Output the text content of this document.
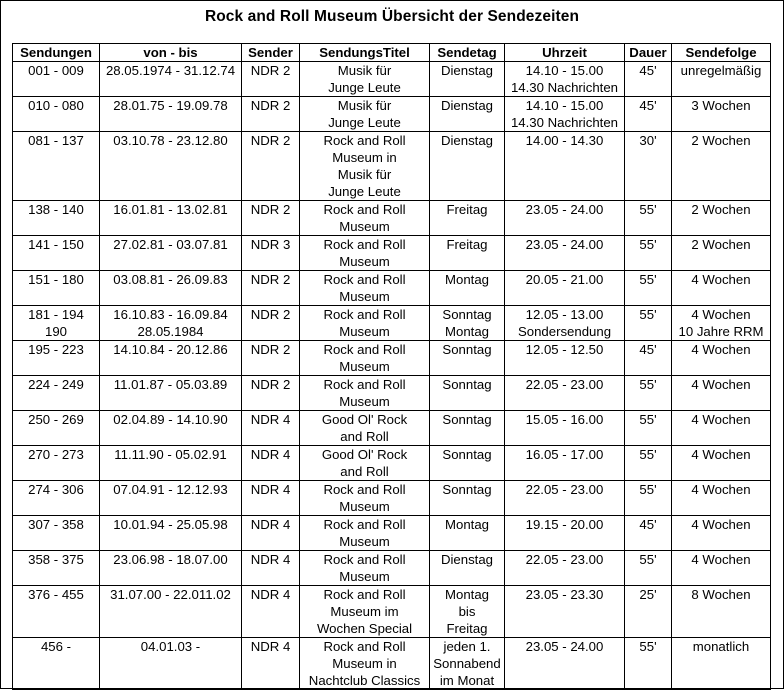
Rock and Roll Museum Übersicht der Sendezeiten
Sendungen	von - bis	Sender	SendungsTitel	Sendetag	Uhrzeit	Dauer	Sendefolge

001 - 009	28.05.1974 - 31.12.74	NDR 2	Musik für
Junge Leute	Dienstag	14.10 - 15.00
14.30 Nachrichten	45'	unregelmäßig

010 - 080	28.01.75 - 19.09.78	NDR 2	Musik für
Junge Leute	Dienstag	14.10 - 15.00
14.30 Nachrichten	45'	3 Wochen

081 - 137	03.10.78 - 23.12.80	NDR 2	Rock and Roll
Museum in
Musik für
Junge Leute	Dienstag	14.00 - 14.30	30'	2 Wochen

138 - 140	16.01.81 - 13.02.81	NDR 2	Rock and Roll
Museum	Freitag	23.05 - 24.00	55'	2 Wochen

141 - 150	27.02.81 - 03.07.81	NDR 3	Rock and Roll
Museum	Freitag	23.05 - 24.00	55'	2 Wochen

151 - 180	03.08.81 - 26.09.83	NDR 2	Rock and Roll
Museum	Montag	20.05 - 21.00	55'	4 Wochen

181 - 194
190	16.10.83 - 16.09.84
28.05.1984	NDR 2	Rock and Roll
Museum	Sonntag
Montag	12.05 - 13.00
Sondersendung	55'	4 Wochen
10 Jahre RRM

195 - 223	14.10.84 - 20.12.86	NDR 2	Rock and Roll
Museum	Sonntag	12.05 - 12.50	45'	4 Wochen

224 - 249	11.01.87 - 05.03.89	NDR 2	Rock and Roll
Museum	Sonntag	22.05 - 23.00	55'	4 Wochen

250 - 269	02.04.89 - 14.10.90	NDR 4	Good Ol' Rock
and Roll	Sonntag	15.05 - 16.00	55'	4 Wochen

270 - 273	11.11.90 - 05.02.91	NDR 4	Good Ol' Rock
and Roll	Sonntag	16.05 - 17.00	55'	4 Wochen

274 - 306	07.04.91 - 12.12.93	NDR 4	Rock and Roll
Museum	Sonntag	22.05 - 23.00	55'	4 Wochen

307 - 358	10.01.94 - 25.05.98	NDR 4	Rock and Roll
Museum	Montag	19.15 - 20.00	45'	4 Wochen

358 - 375	23.06.98 - 18.07.00	NDR 4	Rock and Roll
Museum	Dienstag	22.05 - 23.00	55'	4 Wochen

376 - 455	31.07.00 - 22.011.02	NDR 4	Rock and Roll
Museum im
Wochen Special	Montag
bis
Freitag	23.05 - 23.30	25'	8 Wochen

456 -	04.01.03 -	NDR 4	Rock and Roll
Museum in
Nachtclub Classics	jeden 1.
Sonnabend
im Monat	23.05 - 24.00	55'	monatlich
